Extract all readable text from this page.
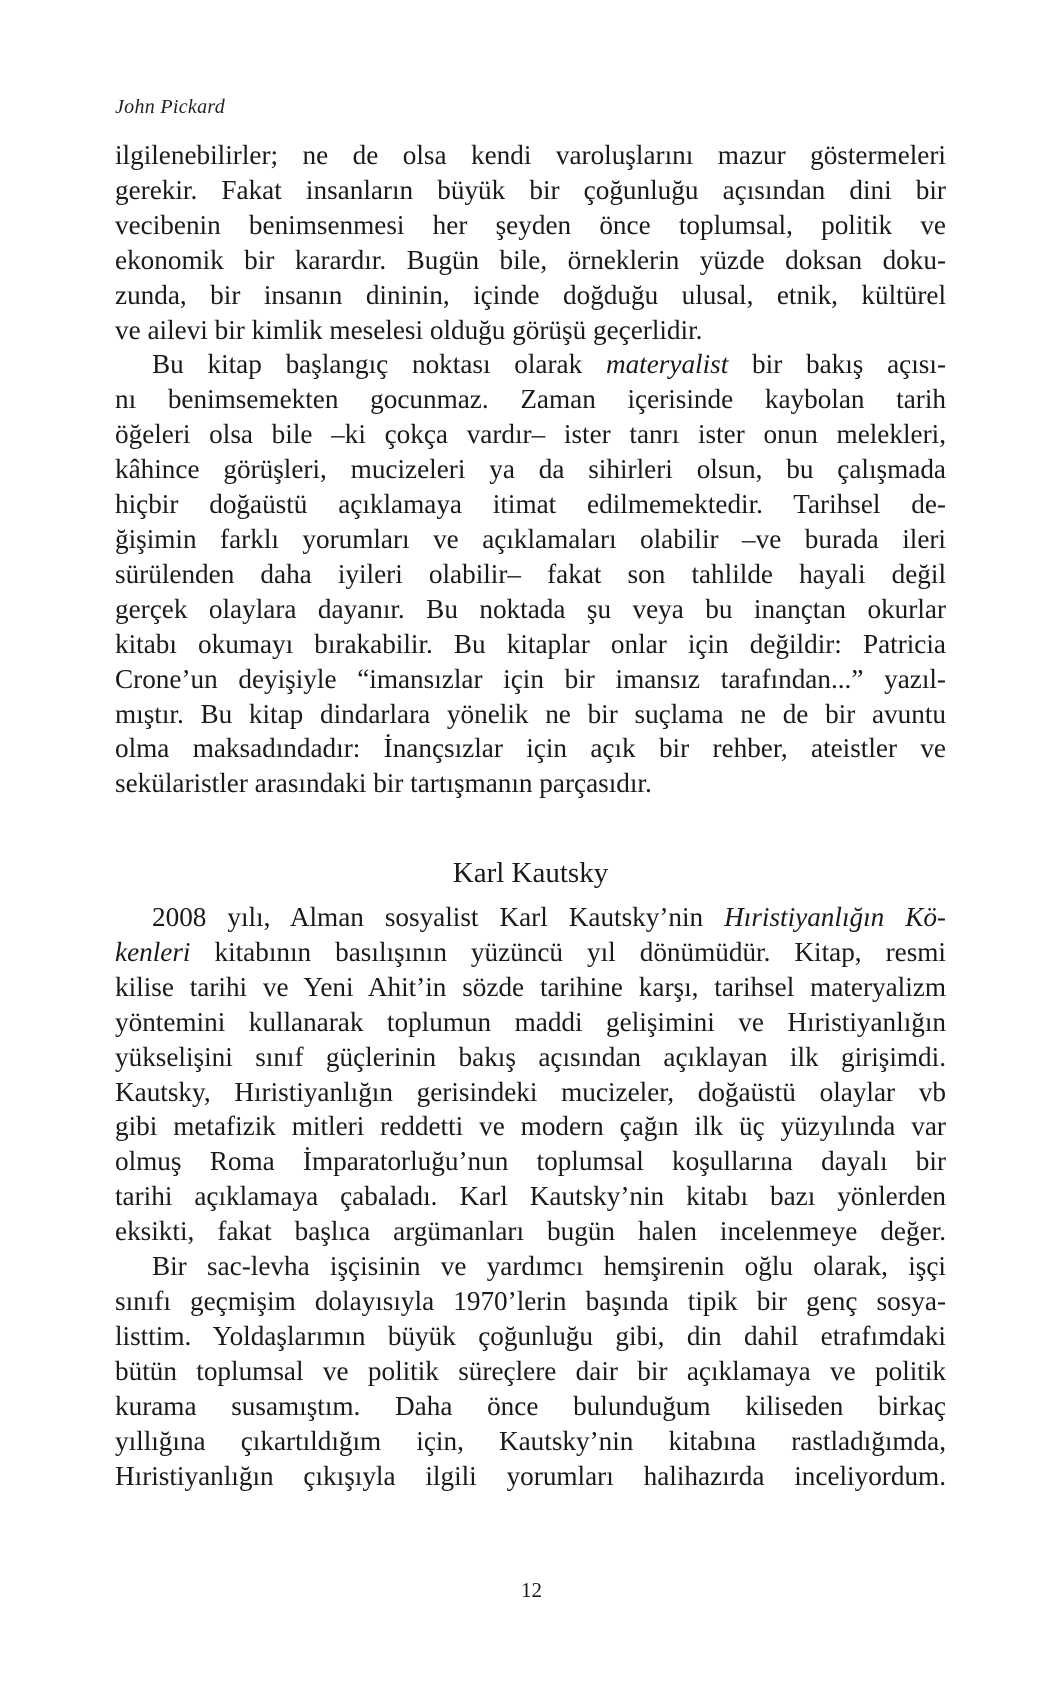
John Pickard

ilgilenebilirler; ne de olsa kendi varoluşlarını mazur göstermeleri
gerekir. Fakat insanların büyük bir çoğunluğu açısından dini bir
vecibenin benimsenmesi her şeyden önce toplumsal, politik ve
ekonomik bir karardır. Bugün bile, örneklerin yüzde doksan doku-
zunda, bir insanın dininin, içinde doğduğu ulusal, etnik, kültürel
ve ailevi bir kimlik meselesi olduğu görüşü geçerlidir.

Bu kitap başlangıç noktası olarak materyalist bir bakış açısı-
nı benimsemekten gocunmaz. Zaman içerisinde kaybolan tarih
öğeleri olsa bile –ki çokça vardır– ister tanrı ister onun melekleri,
kâhince görüşleri, mucizeleri ya da sihirleri olsun, bu çalışmada
hiçbir doğaüstü açıklamaya itimat edilmemektedir. Tarihsel de-
ğişimin farklı yorumları ve açıklamaları olabilir –ve burada ileri
sürülenden daha iyileri olabilir– fakat son tahlilde hayali değil
gerçek olaylara dayanır. Bu noktada şu veya bu inançtan okurlar
kitabı okumayı bırakabilir. Bu kitaplar onlar için değildir: Patricia
Crone’un deyişiyle “imansızlar için bir imansız tarafından...” yazıl-
mıştır. Bu kitap dindarlara yönelik ne bir suçlama ne de bir avuntu
olma maksadındadır: İnançsızlar için açık bir rehber, ateistler ve
sekülaristler arasındaki bir tartışmanın parçasıdır.

Karl Kautsky

2008 yılı, Alman sosyalist Karl Kautsky’nin Hıristiyanlığın Kö-
kenleri kitabının basılışının yüzüncü yıl dönümüdür. Kitap, resmi
kilise tarihi ve Yeni Ahit’in sözde tarihine karşı, tarihsel materyalizm
yöntemini kullanarak toplumun maddi gelişimini ve Hıristiyanlığın
yükselişini sınıf güçlerinin bakış açısından açıklayan ilk girişimdi.
Kautsky, Hıristiyanlığın gerisindeki mucizeler, doğaüstü olaylar vb
gibi metafizik mitleri reddetti ve modern çağın ilk üç yüzyılında var
olmuş Roma İmparatorluğu’nun toplumsal koşullarına dayalı bir
tarihi açıklamaya çabaladı. Karl Kautsky’nin kitabı bazı yönlerden
eksikti, fakat başlıca argümanları bugün halen incelenmeye değer.

Bir sac-levha işçisinin ve yardımcı hemşirenin oğlu olarak, işçi
sınıfı geçmişim dolayısıyla 1970’lerin başında tipik bir genç sosya-
listtim. Yoldaşlarımın büyük çoğunluğu gibi, din dahil etrafımdaki
bütün toplumsal ve politik süreçlere dair bir açıklamaya ve politik
kurama susamıştım. Daha önce bulunduğum kiliseden birkaç
yıllığına çıkartıldığım için, Kautsky’nin kitabına rastladığımda,
Hıristiyanlığın çıkışıyla ilgili yorumları halihazırda inceliyordum.

12
